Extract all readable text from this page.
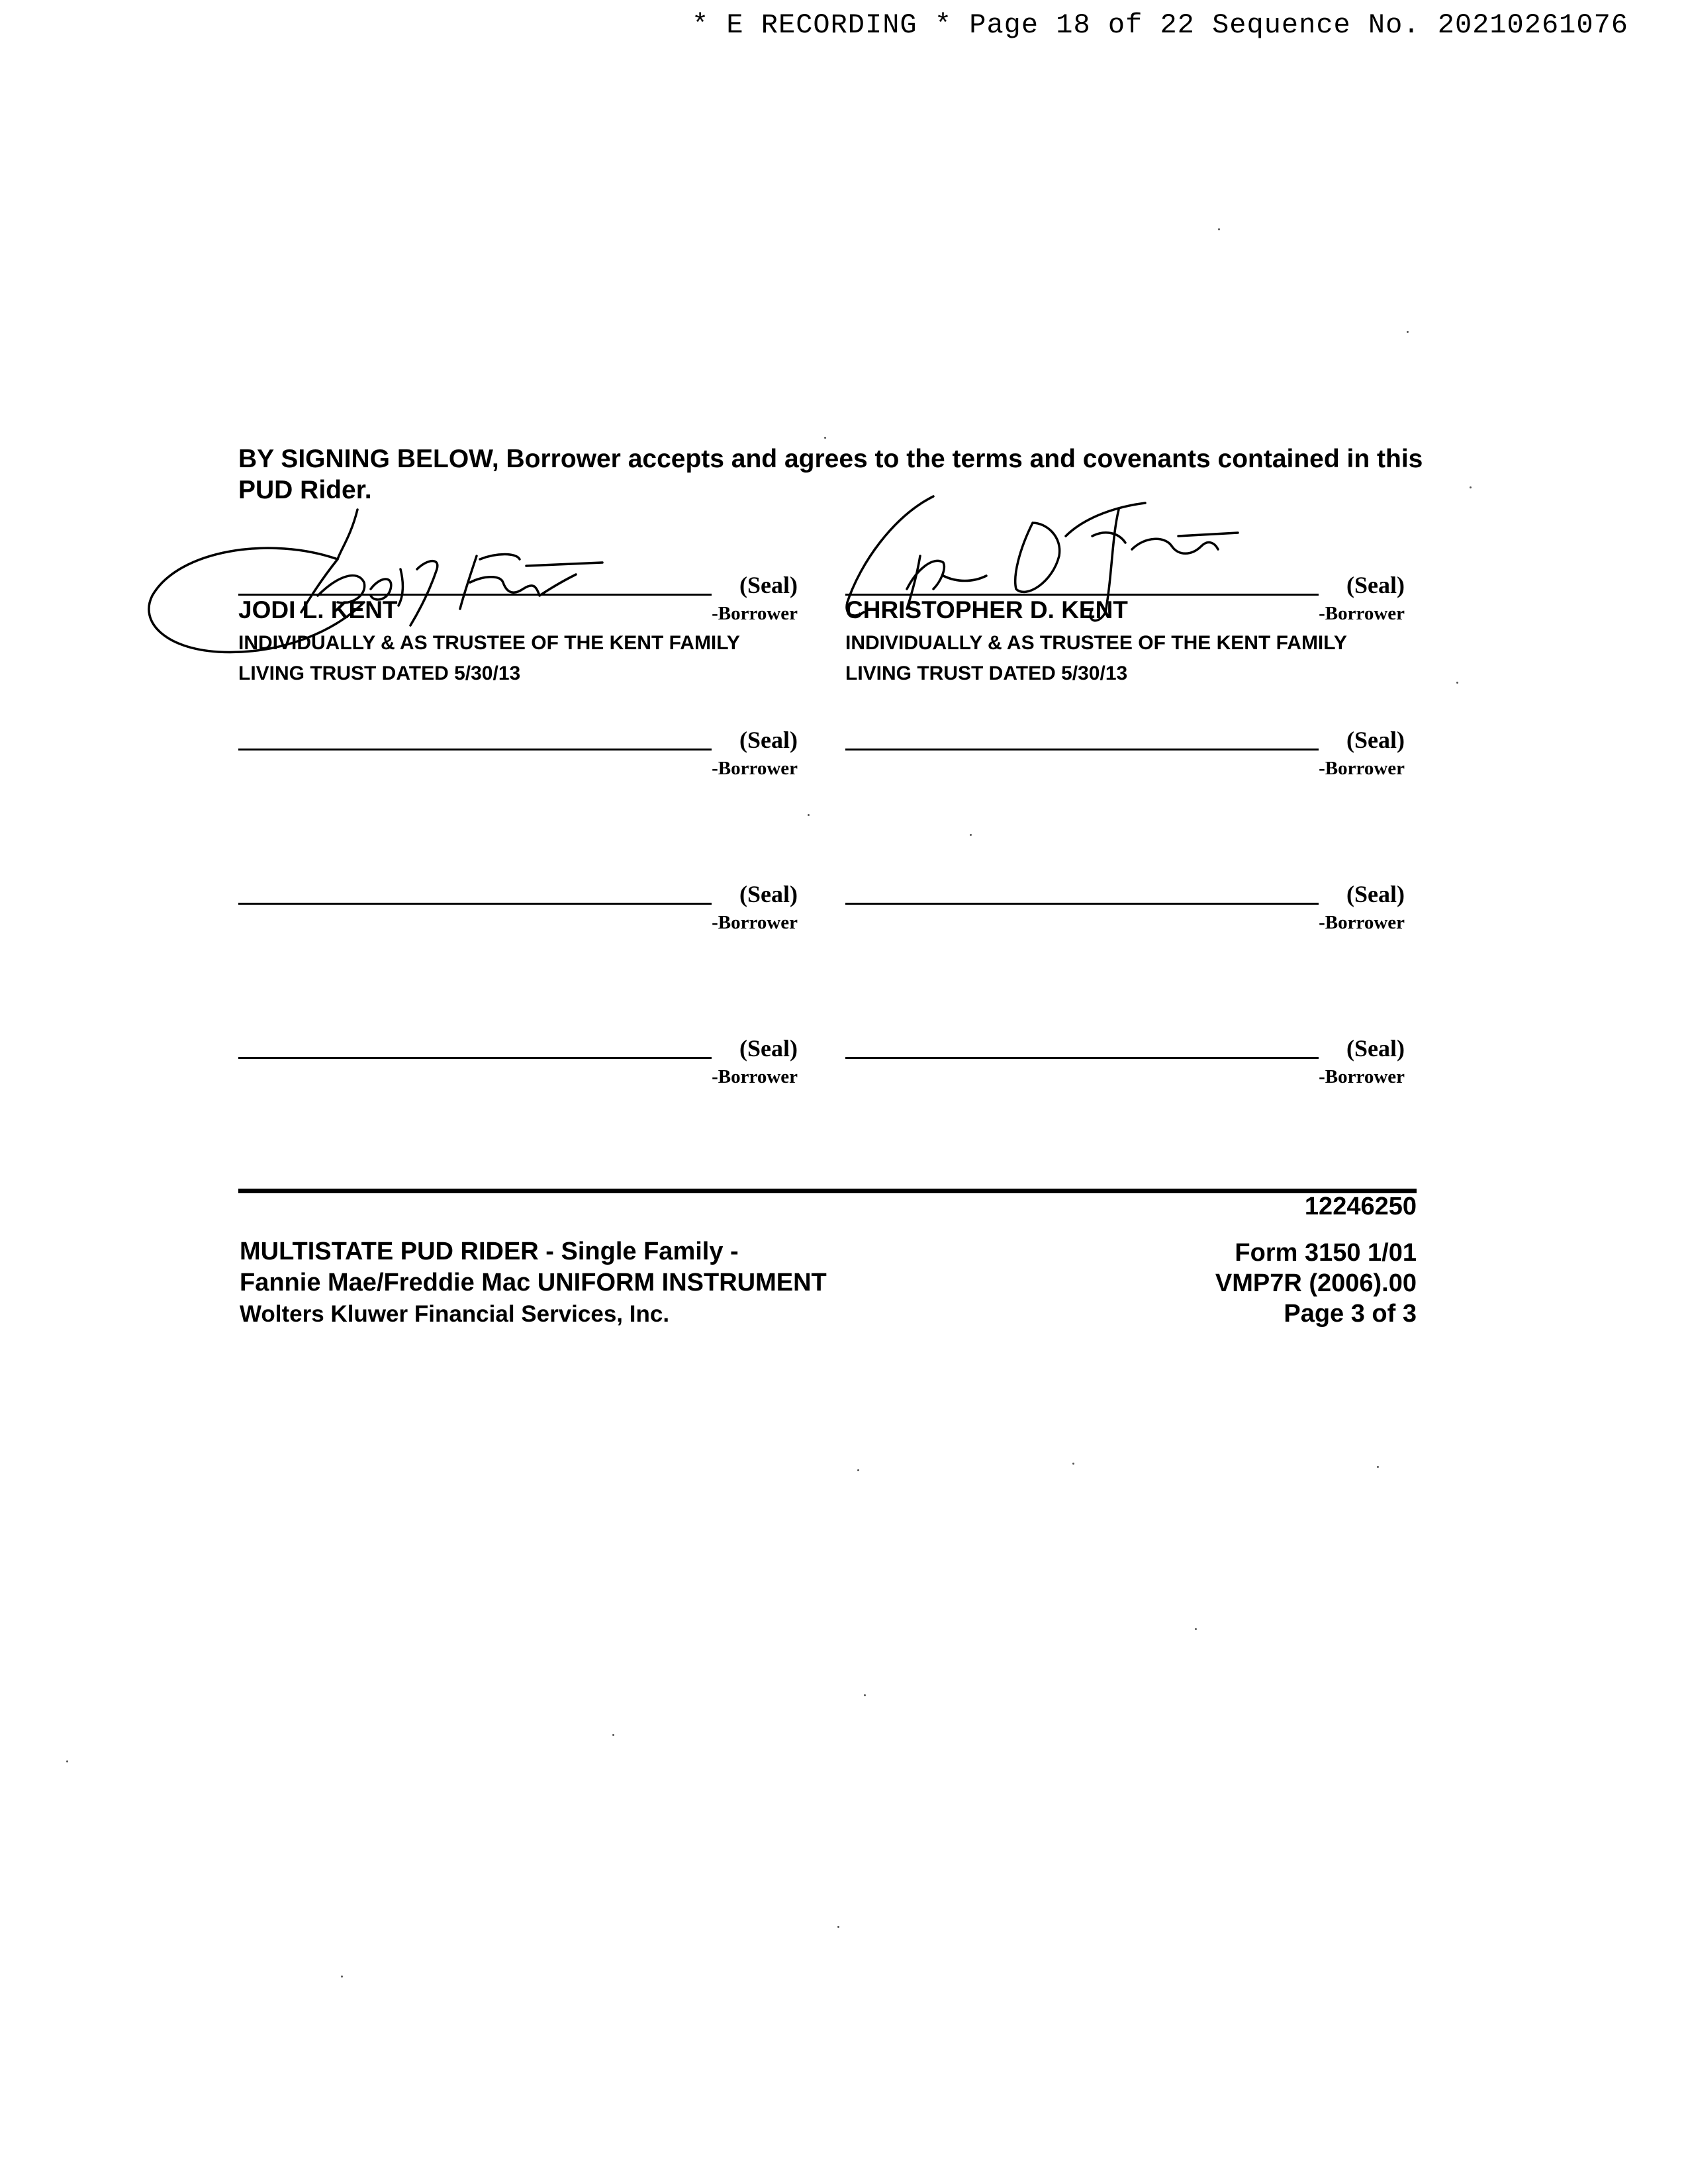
* E RECORDING * Page 18 of 22 Sequence No. 20210261076
BY SIGNING BELOW, Borrower accepts and agrees to the terms and covenants contained in this PUD Rider.
(Seal)
-Borrower
JODI L. KENT
INDIVIDUALLY & AS TRUSTEE OF THE KENT FAMILY
LIVING TRUST DATED 5/30/13
(Seal)
-Borrower
CHRISTOPHER D. KENT
INDIVIDUALLY & AS TRUSTEE OF THE KENT FAMILY
LIVING TRUST DATED 5/30/13
(Seal)
-Borrower
(Seal)
-Borrower
(Seal)
-Borrower
(Seal)
-Borrower
(Seal)
-Borrower
(Seal)
-Borrower
MULTISTATE PUD RIDER - Single Family -
Fannie Mae/Freddie Mac UNIFORM INSTRUMENT
Wolters Kluwer Financial Services, Inc.
12246250
Form 3150 1/01
VMP7R (2006).00
Page 3 of 3
